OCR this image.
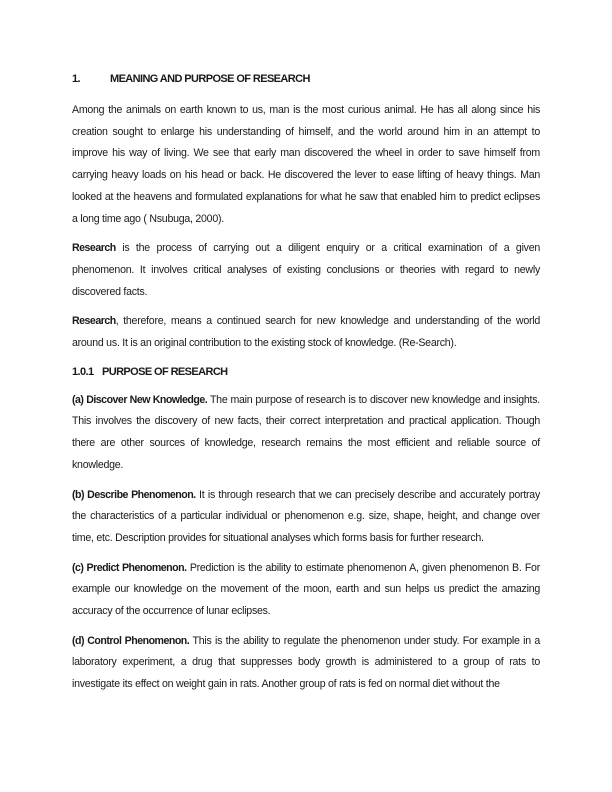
1.	MEANING AND PURPOSE OF RESEARCH

Among the animals on earth known to us, man is the most curious animal. He has all along since his creation sought to enlarge his understanding of himself, and the world around him in an attempt to improve his way of living. We see that early man discovered the wheel in order to save himself from carrying heavy loads on his head or back. He discovered the lever to ease lifting of heavy things. Man looked at the heavens and formulated explanations for what he saw that enabled him to predict eclipses a long time ago ( Nsubuga, 2000).

Research is the process of carrying out a diligent enquiry or a critical examination of a given phenomenon. It involves critical analyses of existing conclusions or theories with regard to newly discovered facts.

Research, therefore, means a continued search for new knowledge and understanding of the world around us. It is an original contribution to the existing stock of knowledge. (Re-Search).

1.0.1 PURPOSE OF RESEARCH

(a) Discover New Knowledge. The main purpose of research is to discover new knowledge and insights. This involves the discovery of new facts, their correct interpretation and practical application. Though there are other sources of knowledge, research remains the most efficient and reliable source of knowledge.

(b) Describe Phenomenon. It is through research that we can precisely describe and accurately portray the characteristics of a particular individual or phenomenon e.g. size, shape, height, and change over time, etc. Description provides for situational analyses which forms basis for further research.

(c) Predict Phenomenon. Prediction is the ability to estimate phenomenon A, given phenomenon B. For example our knowledge on the movement of the moon, earth and sun helps us predict the amazing accuracy of the occurrence of lunar eclipses.

(d) Control Phenomenon. This is the ability to regulate the phenomenon under study. For example in a laboratory experiment, a drug that suppresses body growth is administered to a group of rats to investigate its effect on weight gain in rats. Another group of rats is fed on normal diet without the
